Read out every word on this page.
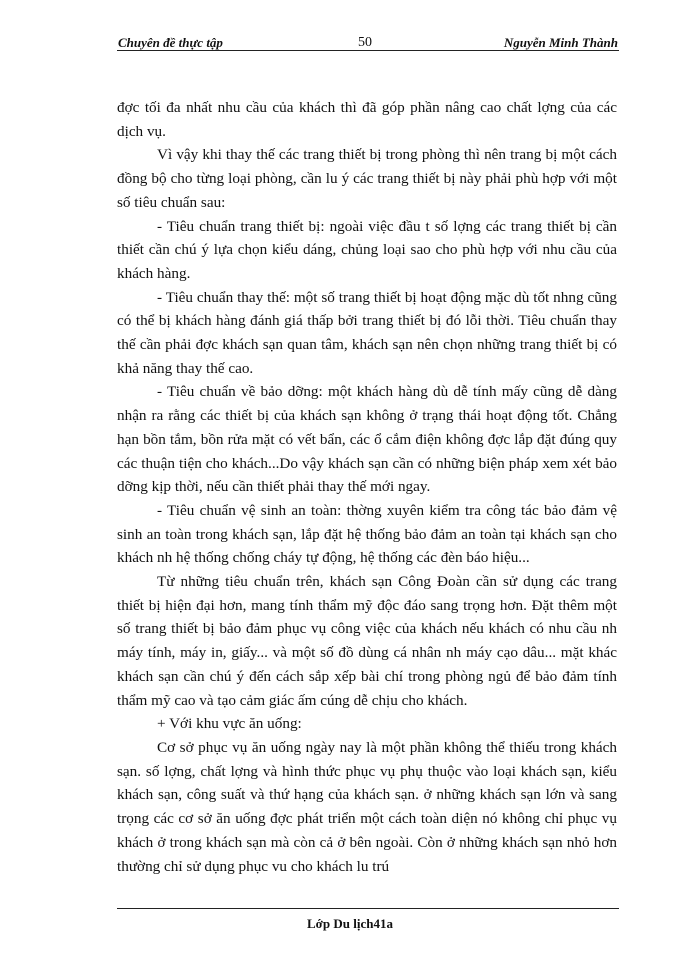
Chuyên đề thực tập	50	Nguyễn Minh Thành

đợc tối đa nhất nhu cầu của khách thì đã góp phần nâng cao chất lợng của các dịch vụ.

Vì vậy khi thay thế các trang thiết bị trong phòng thì nên trang bị một cách đồng bộ cho từng loại phòng, cần lu ý các trang thiết bị này phải phù hợp với một số tiêu chuẩn sau:

- Tiêu chuẩn trang thiết bị: ngoài việc đầu t số lợng các trang thiết bị cần thiết cần chú ý lựa chọn kiểu dáng, chủng loại sao cho phù hợp với nhu cầu của khách hàng.

- Tiêu chuẩn thay thế: một số trang thiết bị hoạt động mặc dù tốt nhng cũng có thể bị khách hàng đánh giá thấp bởi trang thiết bị đó lỗi thời. Tiêu chuẩn thay thế cần phải đợc khách sạn quan tâm, khách sạn nên chọn những trang thiết bị có khả năng thay thế cao.

- Tiêu chuẩn về bảo dỡng: một khách hàng dù dễ tính mấy cũng dễ dàng nhận ra rằng các thiết bị của khách sạn không ở trạng thái hoạt động tốt. Chẳng hạn bồn tắm, bồn rửa mặt có vết bẩn, các ổ cắm điện không đợc lắp đặt đúng quy các thuận tiện cho khách...Do vậy khách sạn cần có những biện pháp xem xét bảo dỡng kịp thời, nếu cần thiết phải thay thế mới ngay.

- Tiêu chuẩn vệ sinh an toàn: thờng xuyên kiểm tra công tác bảo đảm vệ sinh an toàn trong khách sạn, lắp đặt hệ thống bảo đảm an toàn tại khách sạn cho khách nh hệ thống chống cháy tự động, hệ thống các đèn báo hiệu...

Từ những tiêu chuẩn trên, khách sạn Công Đoàn cần sử dụng các trang thiết bị hiện đại hơn, mang tính thẩm mỹ độc đáo sang trọng hơn. Đặt thêm một số trang thiết bị bảo đảm phục vụ công việc của khách nếu khách có nhu cầu nh máy tính, máy in, giấy... và một số đồ dùng cá nhân nh máy cạo dâu... mặt khác khách sạn cần chú ý đến cách sắp xếp bài chí trong phòng ngủ để bảo đảm tính thẩm mỹ cao và tạo cảm giác ấm cúng dễ chịu cho khách.

+ Với khu vực ăn uống:

Cơ sở phục vụ ăn uống ngày nay là một phần không thể thiếu trong khách sạn. số lợng, chất lợng và hình thức phục vụ phụ thuộc vào loại khách sạn, kiểu khách sạn, công suất và thứ hạng của khách sạn. ở những khách sạn lớn và sang trọng các cơ sở ăn uống đợc phát triển một cách toàn diện nó không chỉ phục vụ khách ở trong khách sạn mà còn cả ở bên ngoài. Còn ở những khách sạn nhỏ hơn thường chỉ sử dụng phục vu cho khách lu trú

Lớp Du lịch41a
